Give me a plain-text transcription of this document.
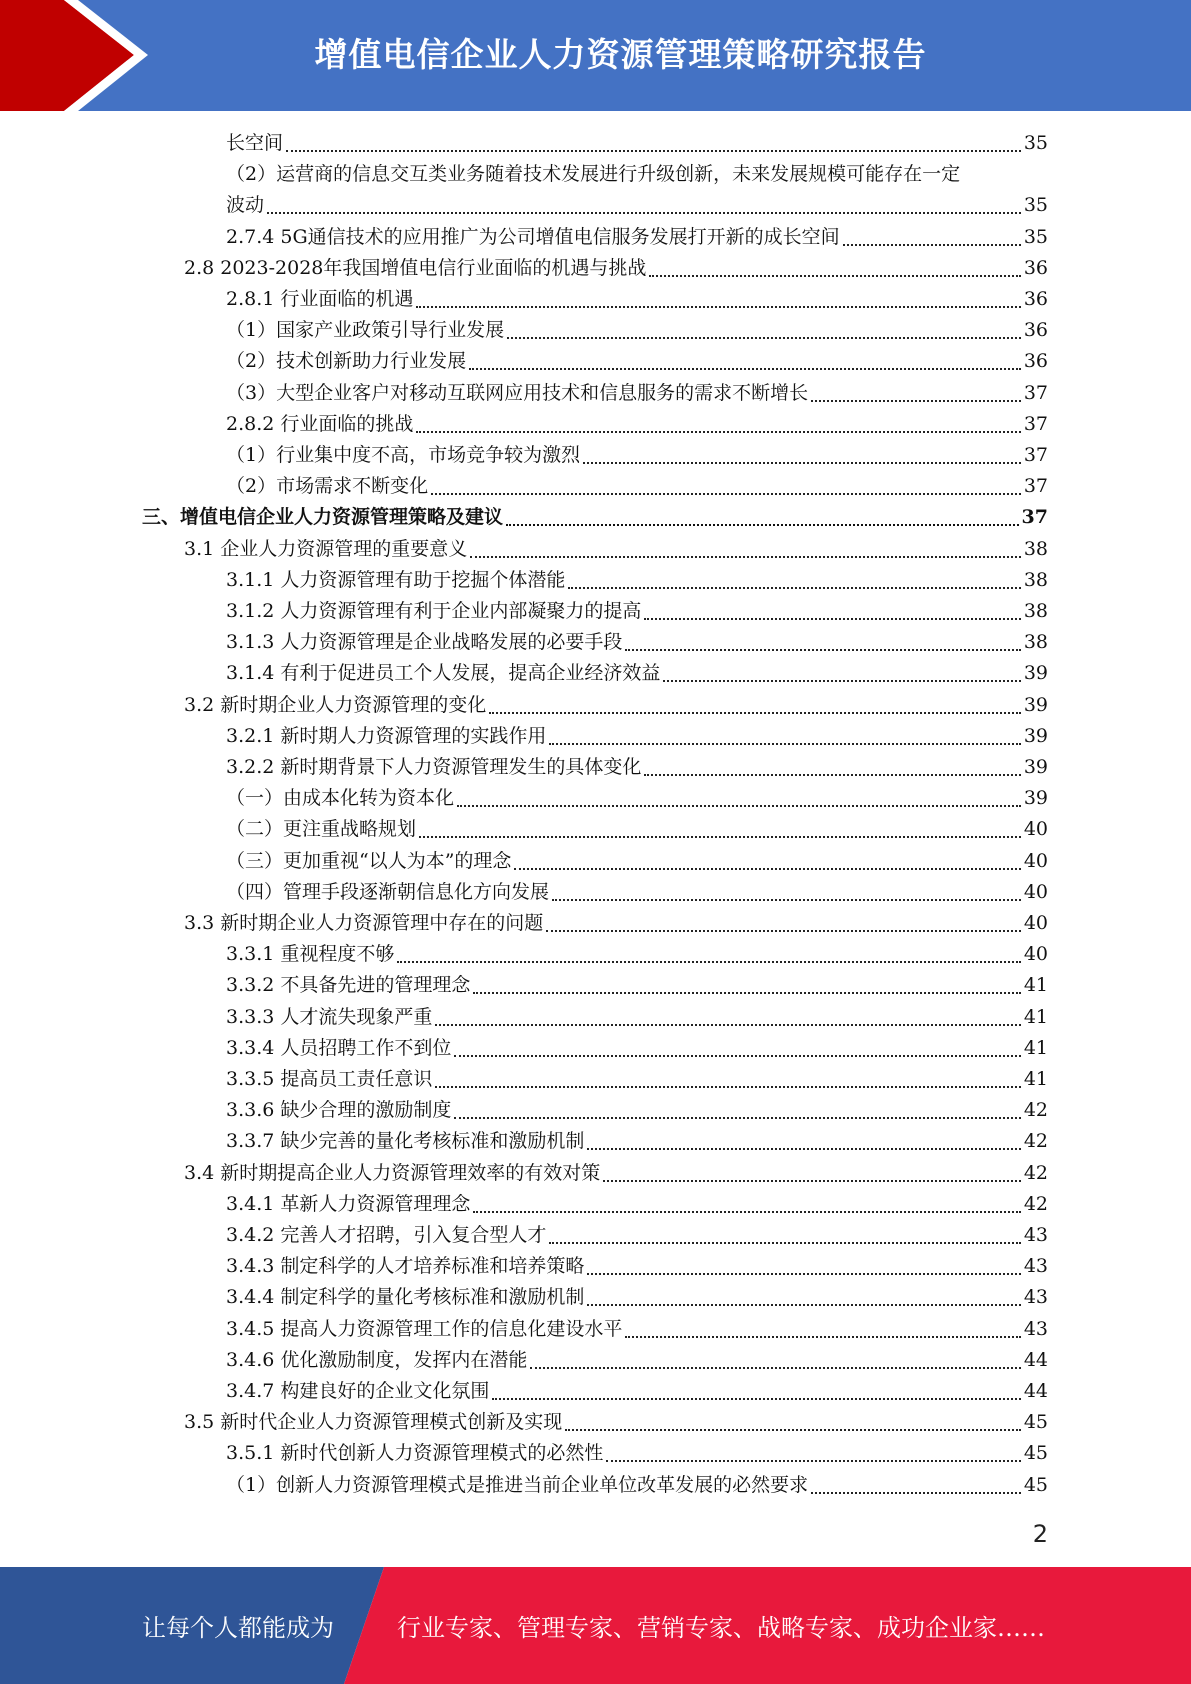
增值电信企业人力资源管理策略研究报告
长空间	35
（2）运营商的信息交互类业务随着技术发展进行升级创新，未来发展规模可能存在一定
波动	35
2.7.4 5G通信技术的应用推广为公司增值电信服务发展打开新的成长空间	35
2.8 2023-2028年我国增值电信行业面临的机遇与挑战	36
2.8.1 行业面临的机遇	36
（1）国家产业政策引导行业发展	36
（2）技术创新助力行业发展	36
（3）大型企业客户对移动互联网应用技术和信息服务的需求不断增长	37
2.8.2 行业面临的挑战	37
（1）行业集中度不高，市场竞争较为激烈	37
（2）市场需求不断变化	37
三、增值电信企业人力资源管理策略及建议	37
3.1 企业人力资源管理的重要意义	38
3.1.1 人力资源管理有助于挖掘个体潜能	38
3.1.2 人力资源管理有利于企业内部凝聚力的提高	38
3.1.3 人力资源管理是企业战略发展的必要手段	38
3.1.4 有利于促进员工个人发展，提高企业经济效益	39
3.2 新时期企业人力资源管理的变化	39
3.2.1 新时期人力资源管理的实践作用	39
3.2.2 新时期背景下人力资源管理发生的具体变化	39
（一）由成本化转为资本化	39
（二）更注重战略规划	40
（三）更加重视“以人为本”的理念	40
（四）管理手段逐渐朝信息化方向发展	40
3.3 新时期企业人力资源管理中存在的问题	40
3.3.1 重视程度不够	40
3.3.2 不具备先进的管理理念	41
3.3.3 人才流失现象严重	41
3.3.4 人员招聘工作不到位	41
3.3.5 提高员工责任意识	41
3.3.6 缺少合理的激励制度	42
3.3.7 缺少完善的量化考核标准和激励机制	42
3.4 新时期提高企业人力资源管理效率的有效对策	42
3.4.1 革新人力资源管理理念	42
3.4.2 完善人才招聘，引入复合型人才	43
3.4.3 制定科学的人才培养标准和培养策略	43
3.4.4 制定科学的量化考核标准和激励机制	43
3.4.5 提高人力资源管理工作的信息化建设水平	43
3.4.6 优化激励制度，发挥内在潜能	44
3.4.7 构建良好的企业文化氛围	44
3.5 新时代企业人力资源管理模式创新及实现	45
3.5.1 新时代创新人力资源管理模式的必然性	45
（1）创新人力资源管理模式是推进当前企业单位改革发展的必然要求	45
2
让每个人都能成为	行业专家、管理专家、营销专家、战略专家、成功企业家……
